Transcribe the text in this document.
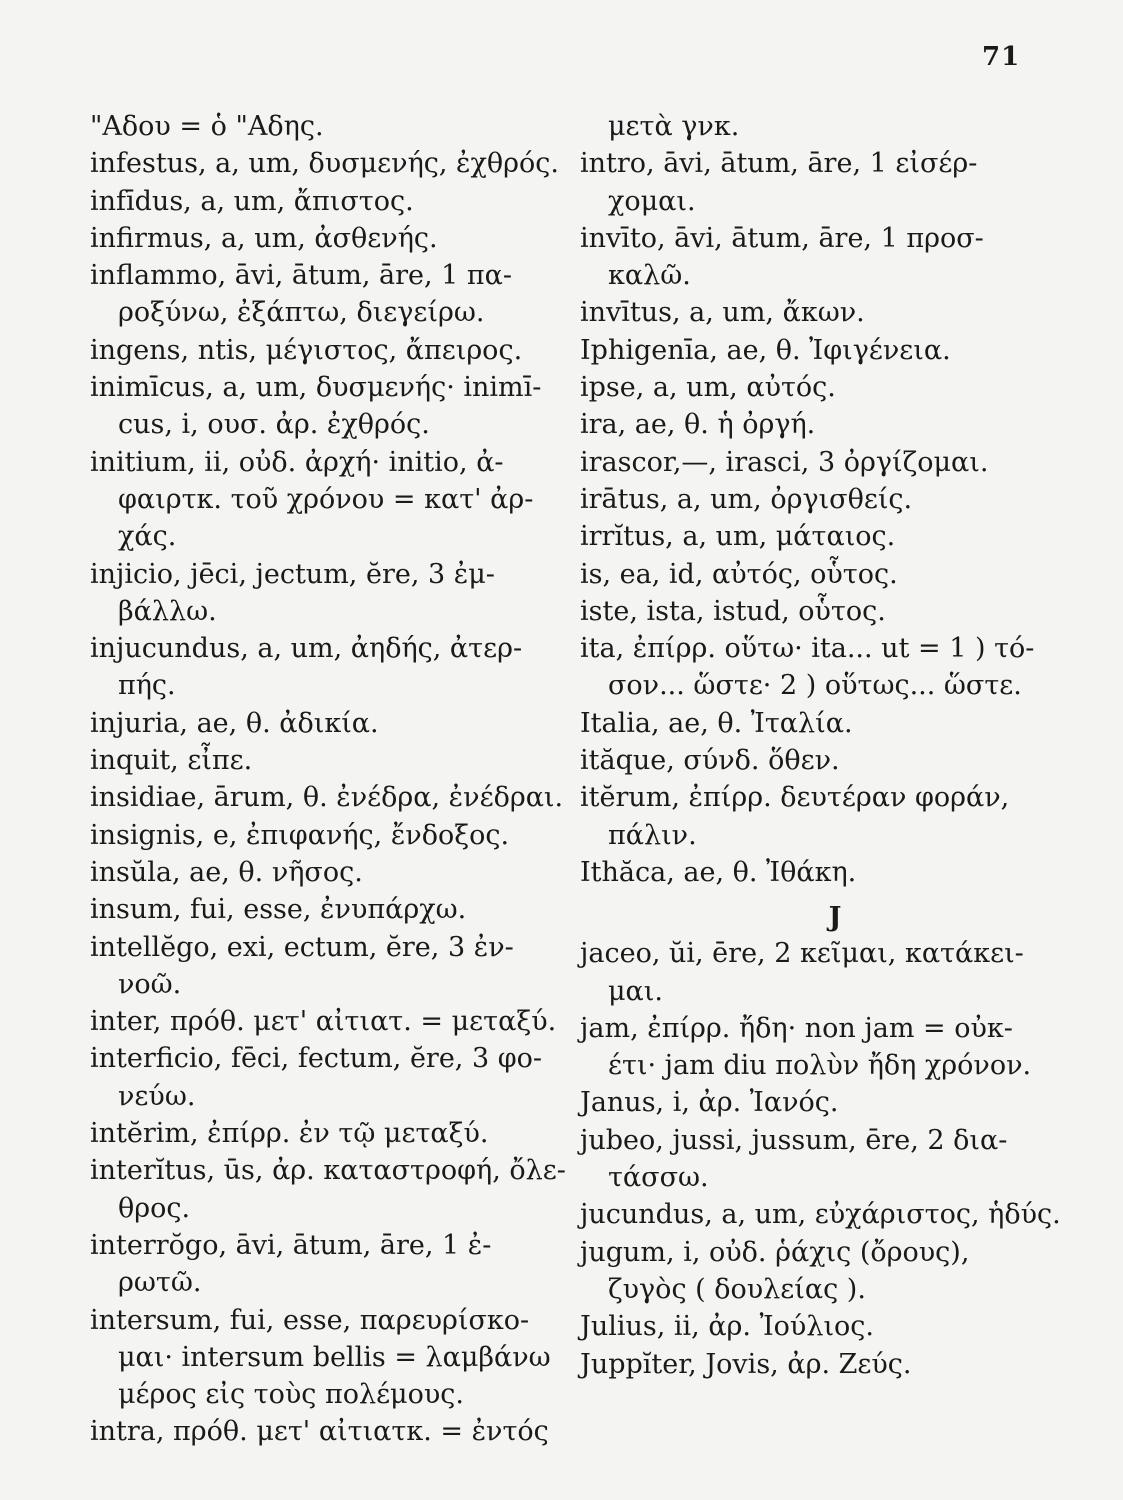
71
"Αδου = ὁ "Αδης.
infestus, a, um, δυσμενής, ἐχθρός.
infīdus, a, um, ἄπιστος.
infirmus, a, um, ἀσθενής.
inflammo, āvi, ātum, āre, 1 πα-
ροξύνω, ἐξάπτω, διεγείρω.
ingens, ntis, μέγιστος, ἄπειρος.
inimīcus, a, um, δυσμενής· inimī-
cus, i, ουσ. ἀρ. ἐχθρός.
initium, ii, οὐδ. ἀρχή· initio, ἀ-
φαιρτκ. τοῦ χρόνου = κατ' ἀρ-
χάς.
injicio, jēci, jectum, ĕre, 3 ἐμ-
βάλλω.
injucundus, a, um, ἀηδής, ἀτερ-
πής.
injuria, ae, θ. ἀδικία.
inquit, εἶπε.
insidiae, ārum, θ. ἐνέδρα, ἐνέδραι.
insignis, e, ἐπιφανής, ἔνδοξος.
insŭla, ae, θ. νῆσος.
insum, fui, esse, ἐνυπάρχω.
intellĕgo, exi, ectum, ĕre, 3 ἐν-
νοῶ.
inter, πρόθ. μετ' αἰτιατ. = μεταξύ.
interficio, fēci, fectum, ĕre, 3 φο-
νεύω.
intĕrim, ἐπίρρ. ἐν τῷ μεταξύ.
interĭtus, ūs, ἀρ. καταστροφή, ὄλε-
θρος.
interrŏgo, āvi, ātum, āre, 1 ἐ-
ρωτῶ.
intersum, fui, esse, παρευρίσκο-
μαι· intersum bellis = λαμβάνω
μέρος εἰς τοὺς πολέμους.
intra, πρόθ. μετ' αἰτιατκ. = ἐντός
μετὰ γνκ.
intro, āvi, ātum, āre, 1 εἰσέρ-
χομαι.
invīto, āvi, ātum, āre, 1 προσ-
καλῶ.
invītus, a, um, ἄκων.
Iphigenīa, ae, θ. Ἰφιγένεια.
ipse, a, um, αὐτός.
ira, ae, θ. ἡ ὀργή.
irascor,—, irasci, 3 ὀργίζομαι.
irātus, a, um, ὀργισθείς.
irrĭtus, a, um, μάταιος.
is, ea, id, αὐτός, οὗτος.
iste, ista, istud, οὗτος.
ita, ἐπίρρ. οὕτω· ita... ut = 1 ) τό-
σον... ὥστε· 2 ) οὕτως... ὥστε.
Italia, ae, θ. Ἰταλία.
ităque, σύνδ. ὅθεν.
itĕrum, ἐπίρρ. δευτέραν φοράν,
πάλιν.
Ithăca, ae, θ. Ἰθάκη.
J
jaceo, ŭi, ēre, 2 κεῖμαι, κατάκει-
μαι.
jam, ἐπίρρ. ἤδη· non jam = οὐκ-
έτι· jam diu πολὺν ἤδη χρόνον.
Janus, i, ἀρ. Ἰανός.
jubeo, jussi, jussum, ēre, 2 δια-
τάσσω.
jucundus, a, um, εὐχάριστος, ἡδύς.
jugum, i, οὐδ. ῥάχις (ὄρους),
ζυγὸς ( δουλείας ).
Julius, ii, ἀρ. Ἰούλιος.
Juppĭter, Jovis, ἀρ. Ζεύς.
